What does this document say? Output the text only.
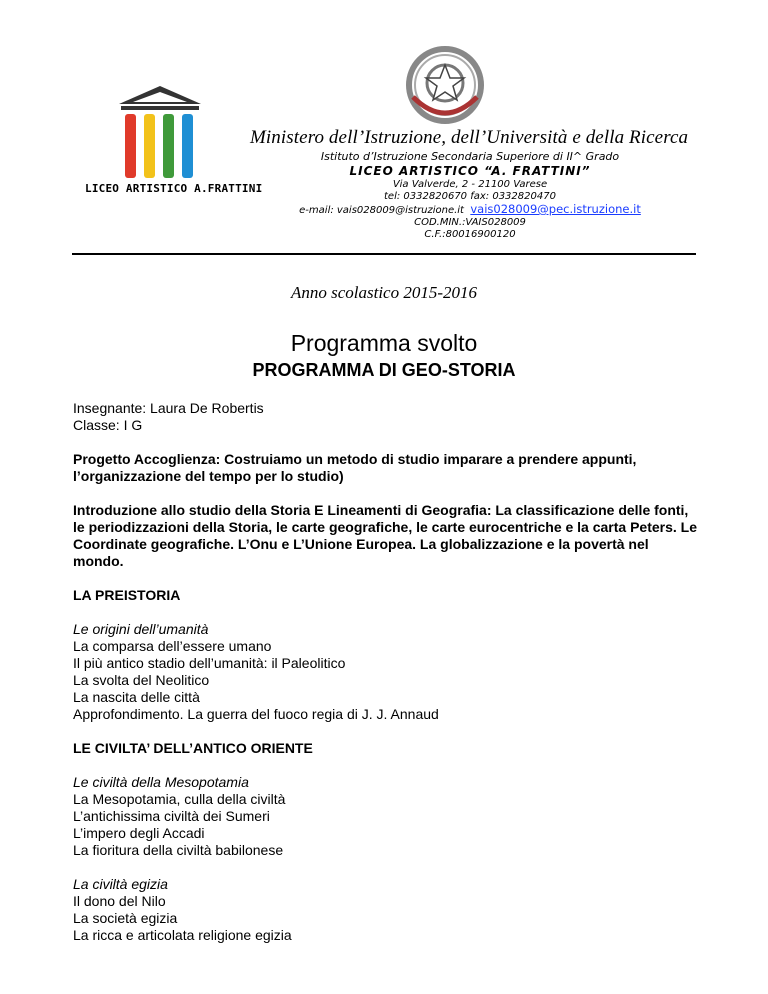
LICEO ARTISTICO A.FRATTINI
Ministero dell’Istruzione, dell’Università e della Ricerca
Istituto d’Istruzione Secondaria Superiore di II^ Grado
LICEO ARTISTICO “A. FRATTINI”
Via Valverde, 2 - 21100 Varese
tel: 0332820670 fax: 0332820470
e-mail: vais028009@istruzione.it vais028009@pec.istruzione.it
COD.MIN.:VAIS028009
C.F.:80016900120
Anno scolastico 2015-2016
Programma svolto
PROGRAMMA DI GEO-STORIA

Insegnante: Laura De Robertis
Classe: I G

Progetto Accoglienza: Costruiamo un metodo di studio imparare a prendere appunti, l’organizzazione del tempo per lo studio)

Introduzione allo studio della Storia E Lineamenti di Geografia: La classificazione delle fonti, le periodizzazioni della Storia, le carte geografiche, le carte eurocentriche e la carta Peters. Le Coordinate geografiche. L’Onu e L’Unione Europea. La globalizzazione e la povertà nel mondo.

LA PREISTORIA

Le origini dell’umanità
La comparsa dell’essere umano
Il più antico stadio dell’umanità: il Paleolitico
La svolta del Neolitico
La nascita delle città
Approfondimento. La guerra del fuoco regia di J. J. Annaud

LE CIVILTA’ DELL’ANTICO ORIENTE

Le civiltà della Mesopotamia
La Mesopotamia, culla della civiltà
L’antichissima civiltà dei Sumeri
L’impero degli Accadi
La fioritura della civiltà babilonese

La civiltà egizia
Il dono del Nilo
La società egizia
La ricca e articolata religione egizia
